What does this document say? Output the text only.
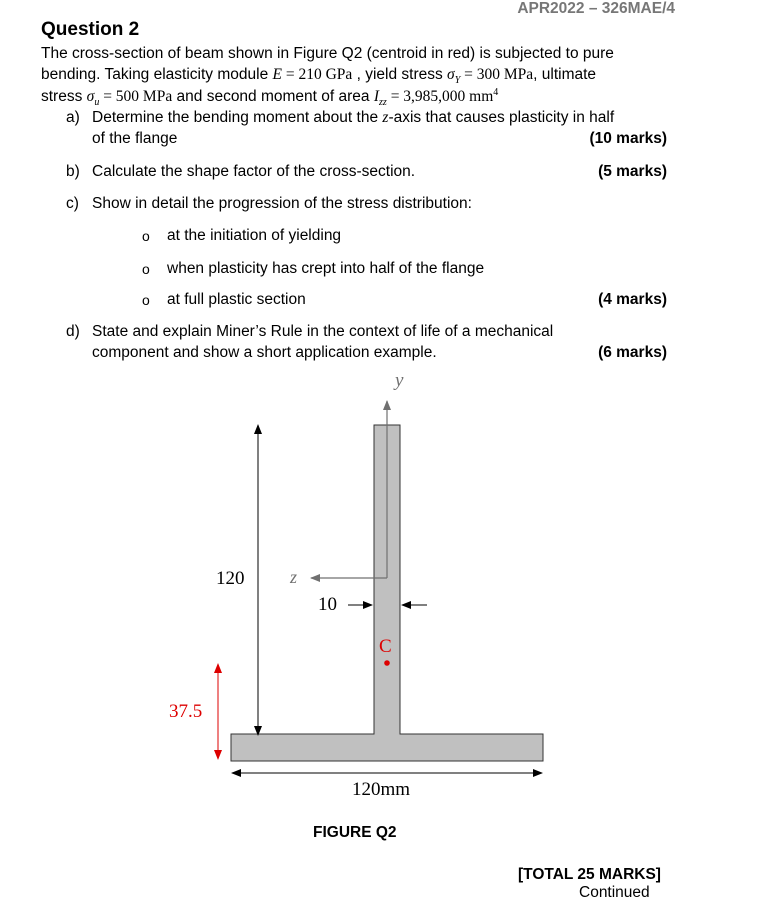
APR2022 – 326MAE/4
Question 2
The cross-section of beam shown in Figure Q2 (centroid in red) is subjected to pure
bending. Taking elasticity module E = 210 GPa , yield stress $\sigma_Y = 300$ MPa, ultimate
stress $\sigma_u = 500$ MPa and second moment of area $I_{zz} = 3,985,000$ $mm^4$
a) Determine the bending moment about the z-axis that causes plasticity in half
of the flange	(10 marks)
b) Calculate the shape factor of the cross-section.	(5 marks)
c) Show in detail the progression of the stress distribution:
o at the initiation of yielding
o when plasticity has crept into half of the flange
o at full plastic section	(4 marks)
d) State and explain Miner’s Rule in the context of life of a mechanical
component and show a short application example.	(6 marks)
y
z
120
10
C
37.5
120mm
FIGURE Q2
[TOTAL 25 MARKS]
Continued
